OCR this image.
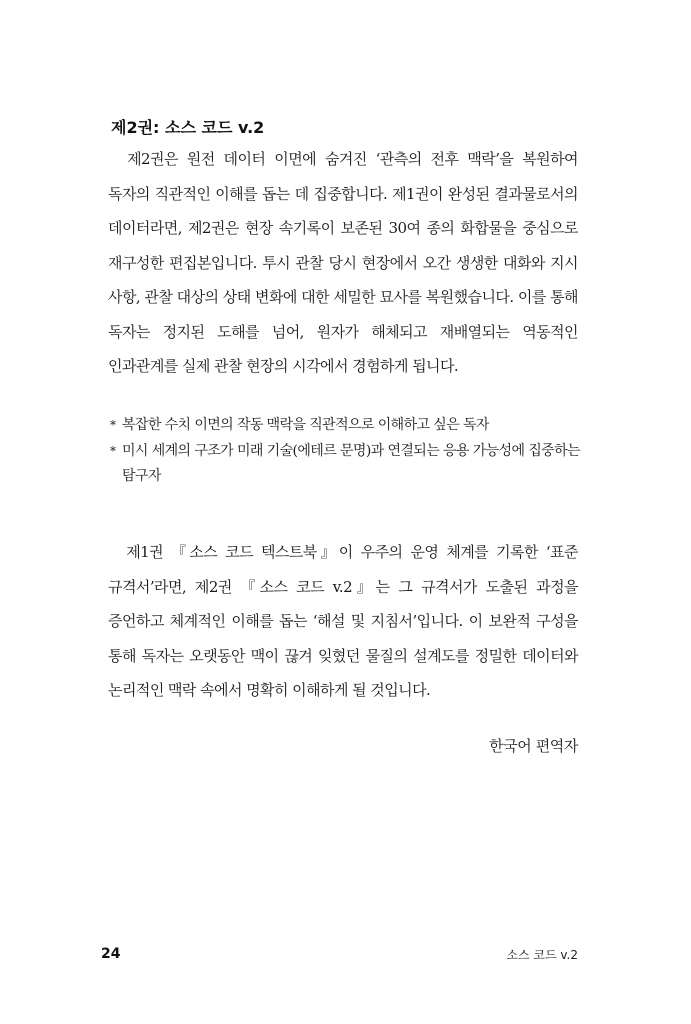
제2권: 소스 코드 v.2

　제2권은 원전 데이터 이면에 숨겨진 ‘관측의 전후 맥락’을 복원하여 독자의 직관적인 이해를 돕는 데 집중합니다. 제1권이 완성된 결과물로서의 데이터라면, 제2권은 현장 속기록이 보존된 30여 종의 화합물을 중심으로 재구성한 편집본입니다. 투시 관찰 당시 현장에서 오간 생생한 대화와 지시 사항, 관찰 대상의 상태 변화에 대한 세밀한 묘사를 복원했습니다. 이를 통해 독자는 정지된 도해를 넘어, 원자가 해체되고 재배열되는 역동적인 인과관계를 실제 관찰 현장의 시각에서 경험하게 됩니다.

* 복잡한 수치 이면의 작동 맥락을 직관적으로 이해하고 싶은 독자
* 미시 세계의 구조가 미래 기술(에테르 문명)과 연결되는 응용 가능성에 집중하는 탐구자

　제1권 『소스 코드 텍스트북』이 우주의 운영 체계를 기록한 ‘표준 규격서’라면, 제2권 『소스 코드 v.2』는 그 규격서가 도출된 과정을 증언하고 체계적인 이해를 돕는 ‘해설 및 지침서’입니다. 이 보완적 구성을 통해 독자는 오랫동안 맥이 끊겨 잊혔던 물질의 설계도를 정밀한 데이터와 논리적인 맥락 속에서 명확히 이해하게 될 것입니다.

한국어 편역자
24	소스 코드 v.2
